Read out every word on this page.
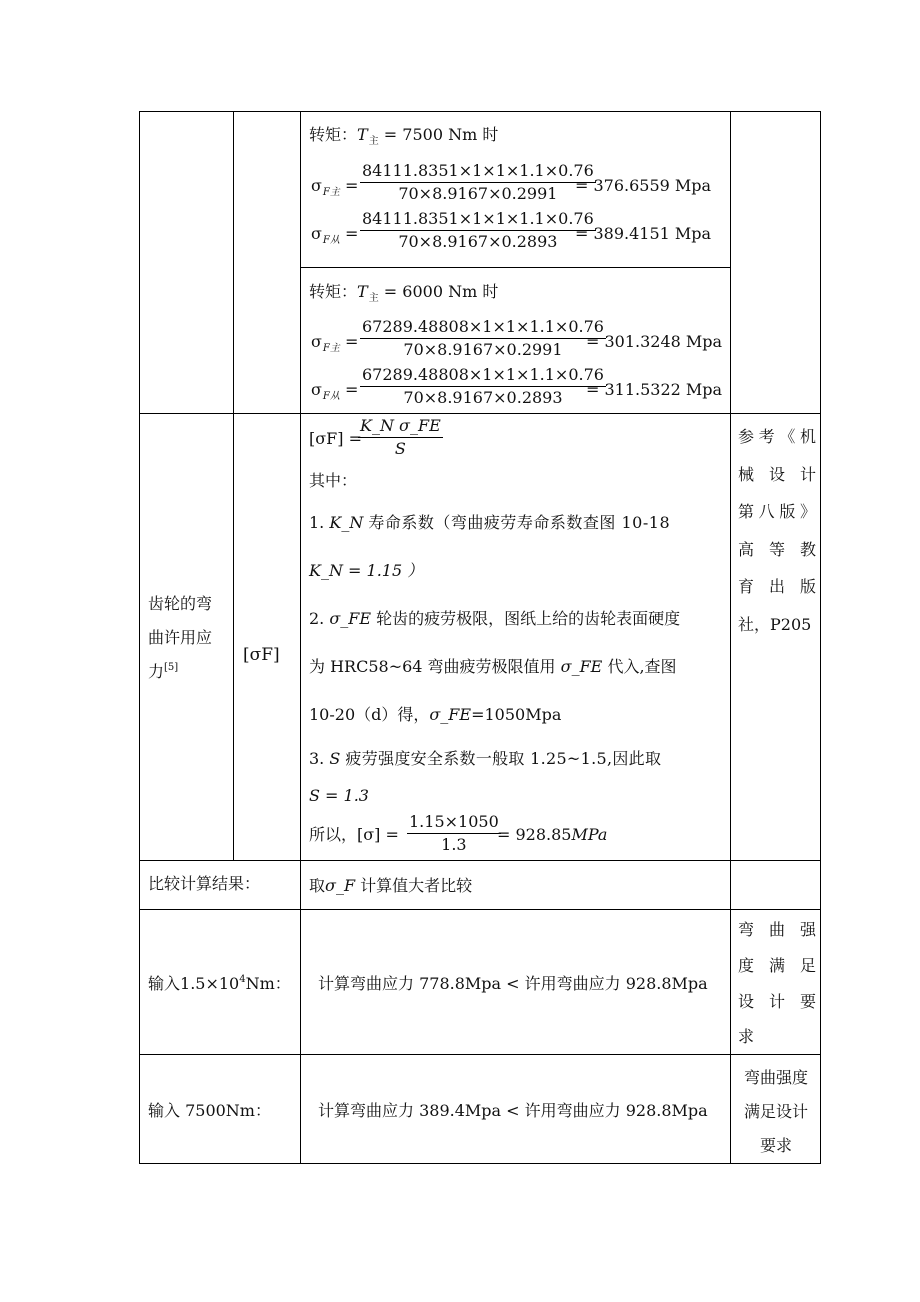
转矩：$T_主 = 7500$ Nm 时
$\sigma_{F主} = \frac{84111.8351\times 1\times 1\times 1.1\times 0.76}{70\times 8.9167\times 0.2991}$
= 376.6559 Mpa
$\sigma_{F从} = \frac{84111.8351\times 1\times 1\times 1.1\times 0.76}{70\times 8.9167\times 0.2893}$
= 389.4151 Mpa
转矩：$T_主 = 6000$ Nm 时
$\sigma_{F主} = \frac{67289.48808\times 1\times 1\times 1.1\times 0.76}{70\times 8.9167\times 0.2991}$
= 301.3248 Mpa
$\sigma_{F从} = \frac{67289.48808\times 1\times 1\times 1.1\times 0.76}{70\times 8.9167\times 0.2893}$
= 311.5322 Mpa
齿轮的弯
曲许用应
力[5]
[σF]
[σF] =
$\frac{\text{K\_N σ\_FE}}{S}$
其中：
1. K_N 寿命系数（弯曲疲劳寿命系数查图 10-18
K_N = 1.15 ）
2. σ_FE 轮齿的疲劳极限，图纸上给的齿轮表面硬度
为 HRC58~64 弯曲疲劳极限值用 σ_FE 代入,查图
10-20（d）得，σ_FE=1050Mpa
3. S 疲劳强度安全系数一般取 1.25~1.5,因此取
S = 1.3
所以，$[\sigma] = \frac{1.15\times 1050}{1.3}$
= 928.85MPa
参考《机
械设计
第八版》
高等教
育出版
社，P205
比较计算结果：	取σ_F 计算值大者比较
输入$1.5\times 10^4Nm$： 计算弯曲应力 778.8Mpa < 许用弯曲应力 928.8Mpa
弯曲强
度满足
设计要
求
输入 7500Nm：	计算弯曲应力 389.4Mpa < 许用弯曲应力 928.8Mpa
弯曲强度
满足设计
要求
